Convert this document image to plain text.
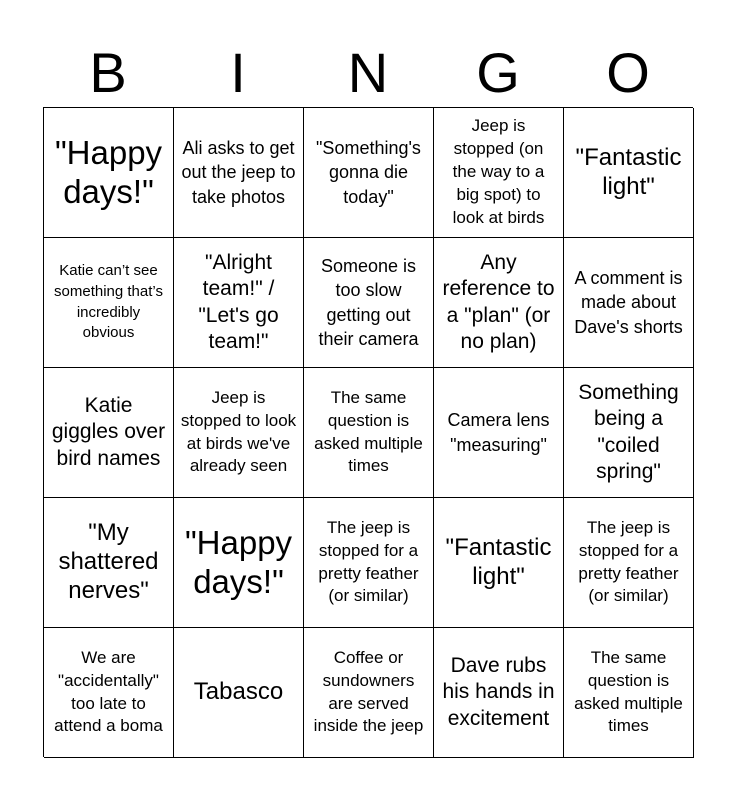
B	I	N	G	O
"Happy days!"
Ali asks to get out the jeep to take photos
"Something's gonna die today"
Jeep is stopped (on the way to a big spot) to look at birds
"Fantastic light"
Katie can’t see something that’s incredibly obvious
"Alright team!" / "Let's go team!"
Someone is too slow getting out their camera
Any reference to a "plan" (or no plan)
A comment is made about Dave's shorts
Katie giggles over bird names
Jeep is stopped to look at birds we've already seen
The same question is asked multiple times
Camera lens "measuring"
Something being a "coiled spring"
"My shattered nerves"
"Happy days!"
The jeep is stopped for a pretty feather (or similar)
"Fantastic light"
The jeep is stopped for a pretty feather (or similar)
We are "accidentally" too late to attend a boma
Tabasco
Coffee or sundowners are served inside the jeep
Dave rubs his hands in excitement
The same question is asked multiple times
